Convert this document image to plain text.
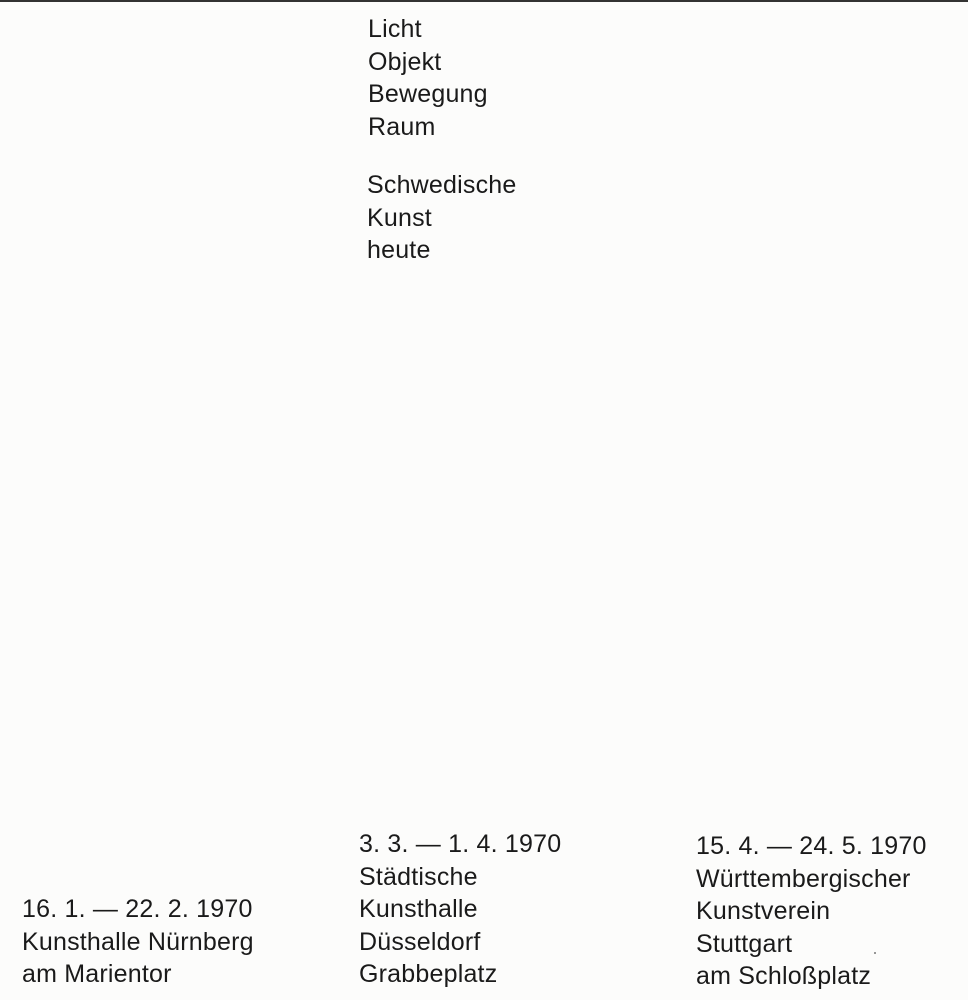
Licht
Objekt
Bewegung
Raum
Schwedische
Kunst
heute
16. 1. — 22. 2. 1970
Kunsthalle Nürnberg
am Marientor
3. 3. — 1. 4. 1970
Städtische
Kunsthalle
Düsseldorf
Grabbeplatz
15. 4. — 24. 5. 1970
Württembergischer
Kunstverein
Stuttgart
am Schloßplatz
